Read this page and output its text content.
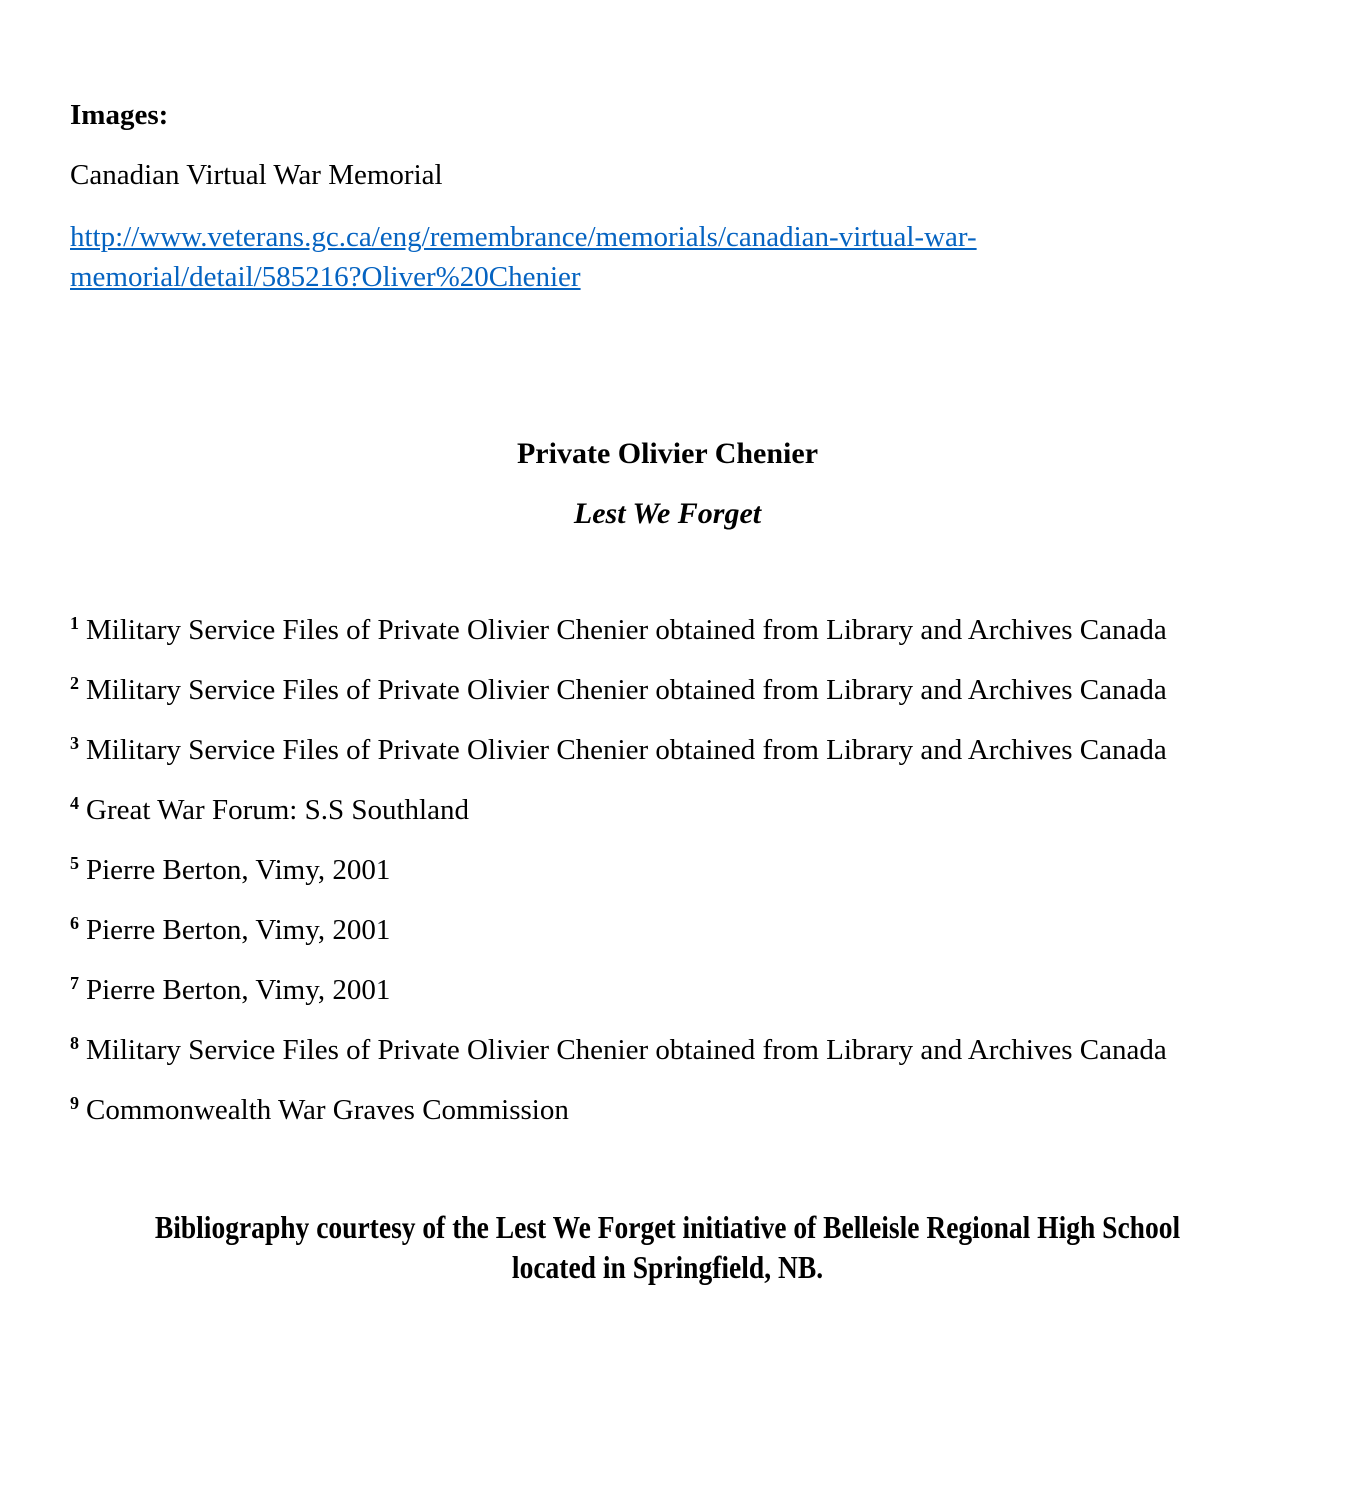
Images:

Canadian Virtual War Memorial

http://www.veterans.gc.ca/eng/remembrance/memorials/canadian-virtual-war-
memorial/detail/585216?Oliver%20Chenier

Private Olivier Chenier

Lest We Forget

$^1$ Military Service Files of Private Olivier Chenier obtained from Library and Archives Canada

$^2$ Military Service Files of Private Olivier Chenier obtained from Library and Archives Canada

$^3$ Military Service Files of Private Olivier Chenier obtained from Library and Archives Canada

$^4$ Great War Forum: S.S Southland

$^5$ Pierre Berton, Vimy, 2001

$^6$ Pierre Berton, Vimy, 2001

$^7$ Pierre Berton, Vimy, 2001

$^8$ Military Service Files of Private Olivier Chenier obtained from Library and Archives Canada

$^9$ Commonwealth War Graves Commission

Bibliography courtesy of the Lest We Forget initiative of Belleisle Regional High School
located in Springfield, NB.
